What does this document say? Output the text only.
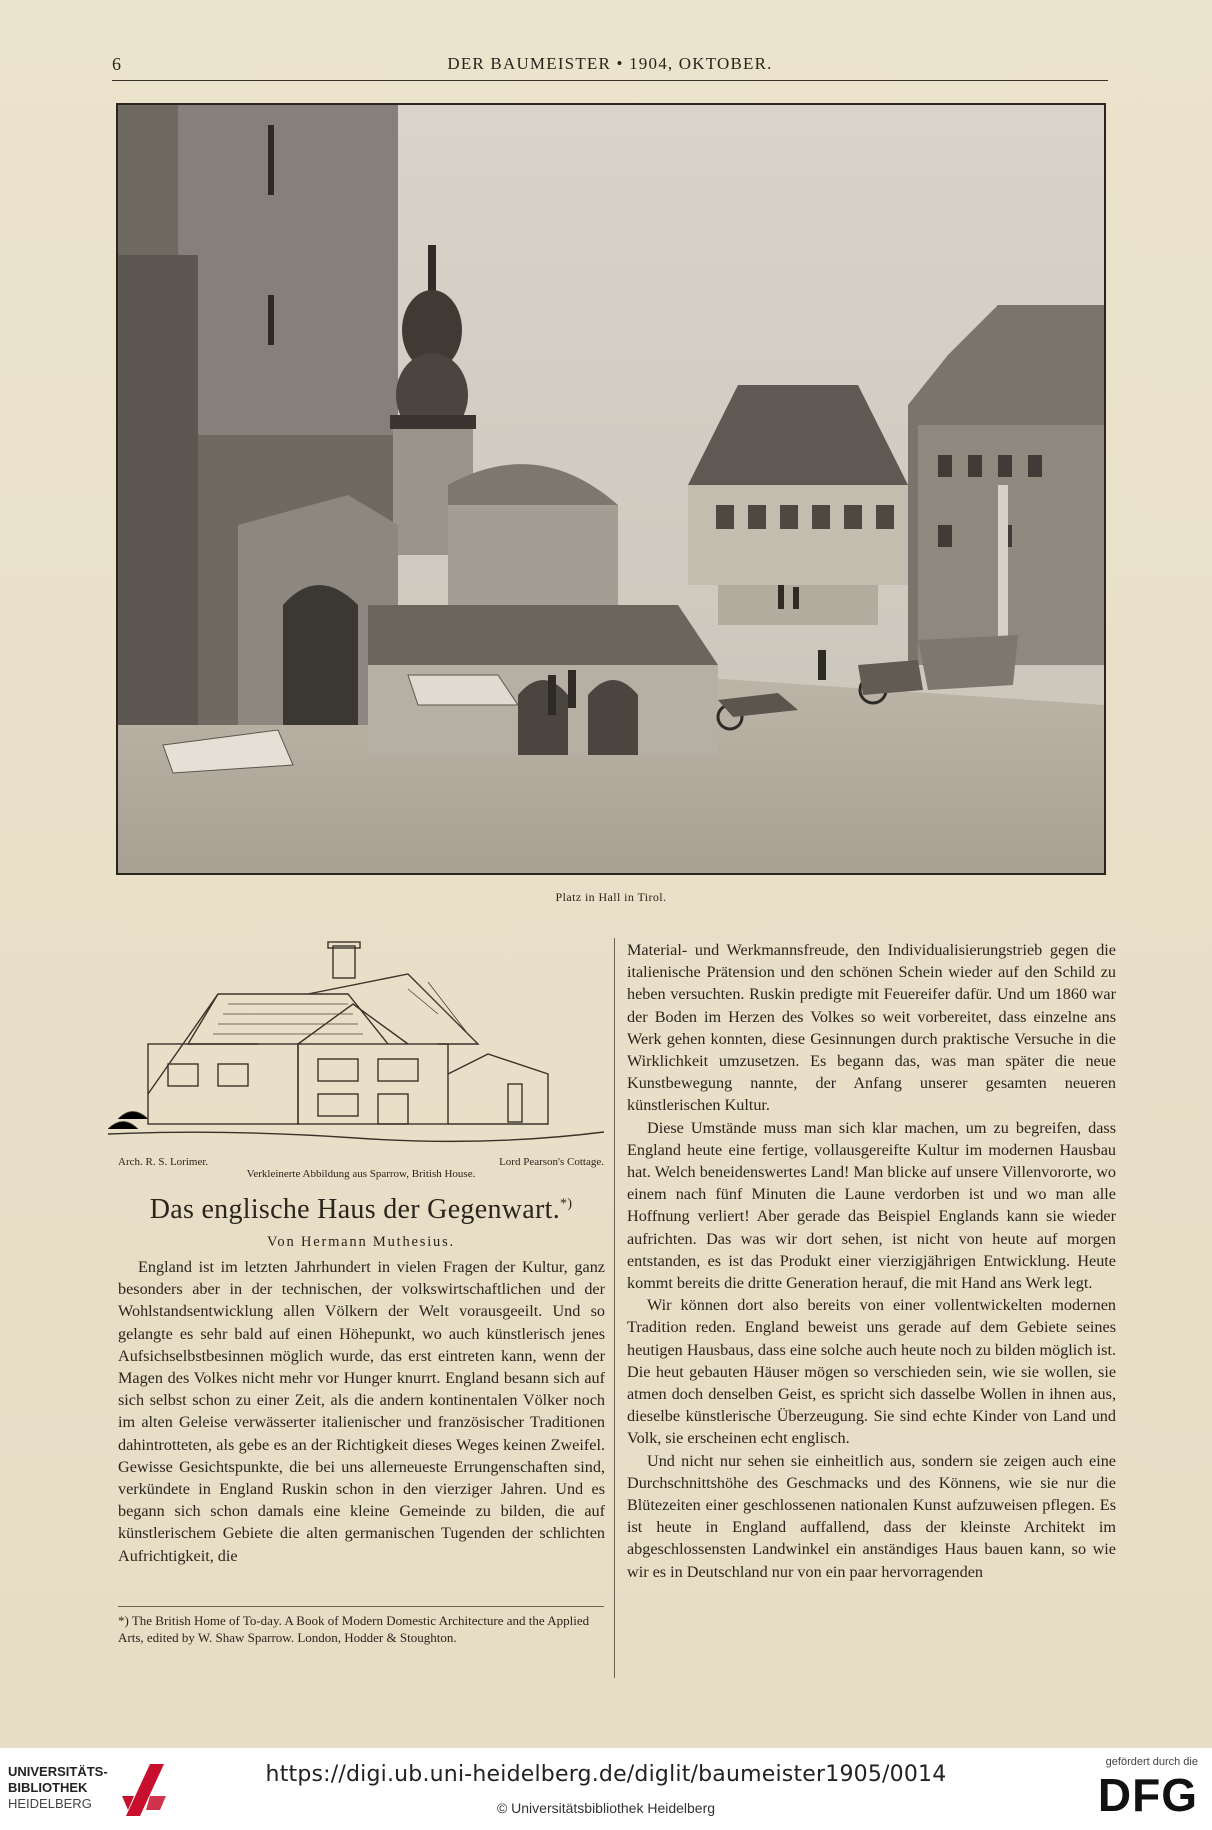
6	DER BAUMEISTER • 1904, OKTOBER.
Platz in Hall in Tirol.
Arch. R. S. Lorimer.	Lord Pearson's Cottage.
Verkleinerte Abbildung aus Sparrow, British House.
Das englische Haus der Gegenwart.*)
Von Hermann Muthesius.

England ist im letzten Jahrhundert in vielen Fragen der Kultur, ganz besonders aber in der technischen, der volkswirtschaftlichen und der Wohlstandsentwicklung allen Völkern der Welt vorausgeeilt. Und so gelangte es sehr bald auf einen Höhepunkt, wo auch künstlerisch jenes Aufsichselbstbesinnen möglich wurde, das erst eintreten kann, wenn der Magen des Volkes nicht mehr vor Hunger knurrt. England besann sich auf sich selbst schon zu einer Zeit, als die andern kontinentalen Völker noch im alten Geleise verwässerter italienischer und französischer Traditionen dahintrotteten, als gebe es an der Richtigkeit dieses Weges keinen Zweifel. Gewisse Gesichtspunkte, die bei uns allerneueste Errungenschaften sind, verkündete in England Ruskin schon in den vierziger Jahren. Und es begann sich schon damals eine kleine Gemeinde zu bilden, die auf künstlerischem Gebiete die alten germanischen Tugenden der schlichten Aufrichtigkeit, die

Material- und Werkmannsfreude, den Individualisierungstrieb gegen die italienische Prätension und den schönen Schein wieder auf den Schild zu heben versuchten. Ruskin predigte mit Feuereifer dafür. Und um 1860 war der Boden im Herzen des Volkes so weit vorbereitet, dass einzelne ans Werk gehen konnten, diese Gesinnungen durch praktische Versuche in die Wirklichkeit umzusetzen. Es begann das, was man später die neue Kunstbewegung nannte, der Anfang unserer gesamten neueren künstlerischen Kultur.

Diese Umstände muss man sich klar machen, um zu begreifen, dass England heute eine fertige, vollausgereifte Kultur im modernen Hausbau hat. Welch beneidenswertes Land! Man blicke auf unsere Villenvororte, wo einem nach fünf Minuten die Laune verdorben ist und wo man alle Hoffnung verliert! Aber gerade das Beispiel Englands kann sie wieder aufrichten. Das was wir dort sehen, ist nicht von heute auf morgen entstanden, es ist das Produkt einer vierzigjährigen Entwicklung. Heute kommt bereits die dritte Generation herauf, die mit Hand ans Werk legt.

Wir können dort also bereits von einer vollentwickelten modernen Tradition reden. England beweist uns gerade auf dem Gebiete seines heutigen Hausbaus, dass eine solche auch heute noch zu bilden möglich ist. Die heut gebauten Häuser mögen so verschieden sein, wie sie wollen, sie atmen doch denselben Geist, es spricht sich dasselbe Wollen in ihnen aus, dieselbe künstlerische Überzeugung. Sie sind echte Kinder von Land und Volk, sie erscheinen echt englisch.

Und nicht nur sehen sie einheitlich aus, sondern sie zeigen auch eine Durchschnittshöhe des Geschmacks und des Könnens, wie sie nur die Blütezeiten einer geschlossenen nationalen Kunst aufzuweisen pflegen. Es ist heute in England auffallend, dass der kleinste Architekt im abgeschlossensten Landwinkel ein anständiges Haus bauen kann, so wie wir es in Deutschland nur von ein paar hervorragenden

*) The British Home of To-day. A Book of Modern Domestic Architecture and the Applied Arts, edited by W. Shaw Sparrow. London, Hodder & Stoughton.
UNIVERSITÄTS-
BIBLIOTHEK
HEIDELBERG
https://digi.ub.uni-heidelberg.de/diglit/baumeister1905/0014
© Universitätsbibliothek Heidelberg
gefördert durch die
DFG
